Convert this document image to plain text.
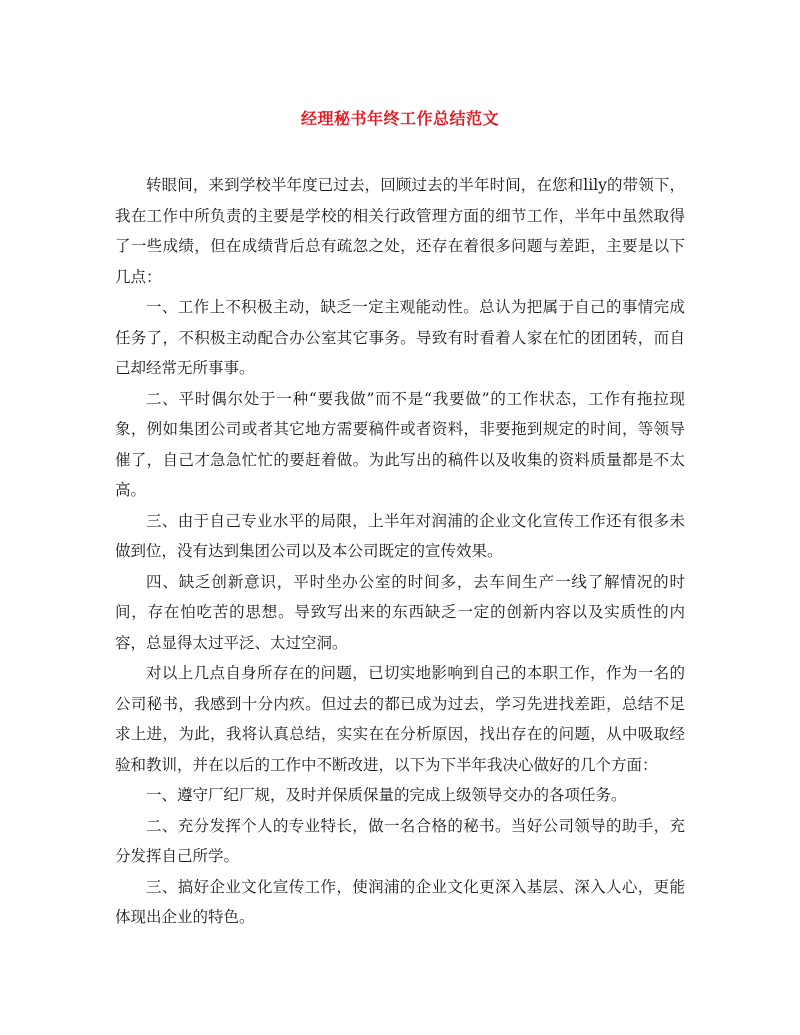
经理秘书年终工作总结范文

转眼间，来到学校半年度已过去，回顾过去的半年时间，在您和lily的带领下，我在工作中所负责的主要是学校的相关行政管理方面的细节工作，半年中虽然取得了一些成绩，但在成绩背后总有疏忽之处，还存在着很多问题与差距，主要是以下几点：

一、工作上不积极主动，缺乏一定主观能动性。总认为把属于自己的事情完成任务了，不积极主动配合办公室其它事务。导致有时看着人家在忙的团团转，而自己却经常无所事事。

二、平时偶尔处于一种“要我做”而不是“我要做”的工作状态，工作有拖拉现象，例如集团公司或者其它地方需要稿件或者资料，非要拖到规定的时间，等领导催了，自己才急急忙忙的要赶着做。为此写出的稿件以及收集的资料质量都是不太高。

三、由于自己专业水平的局限，上半年对润浦的企业文化宣传工作还有很多未做到位，没有达到集团公司以及本公司既定的宣传效果。

四、缺乏创新意识，平时坐办公室的时间多，去车间生产一线了解情况的时间，存在怕吃苦的思想。导致写出来的东西缺乏一定的创新内容以及实质性的内容，总显得太过平泛、太过空洞。

对以上几点自身所存在的问题，已切实地影响到自己的本职工作，作为一名的公司秘书，我感到十分内疚。但过去的都已成为过去，学习先进找差距，总结不足求上进，为此，我将认真总结，实实在在分析原因，找出存在的问题，从中吸取经验和教训，并在以后的工作中不断改进，以下为下半年我决心做好的几个方面：

一、遵守厂纪厂规，及时并保质保量的完成上级领导交办的各项任务。

二、充分发挥个人的专业特长，做一名合格的秘书。当好公司领导的助手，充分发挥自己所学。

三、搞好企业文化宣传工作，使润浦的企业文化更深入基层、深入人心，更能体现出企业的特色。
